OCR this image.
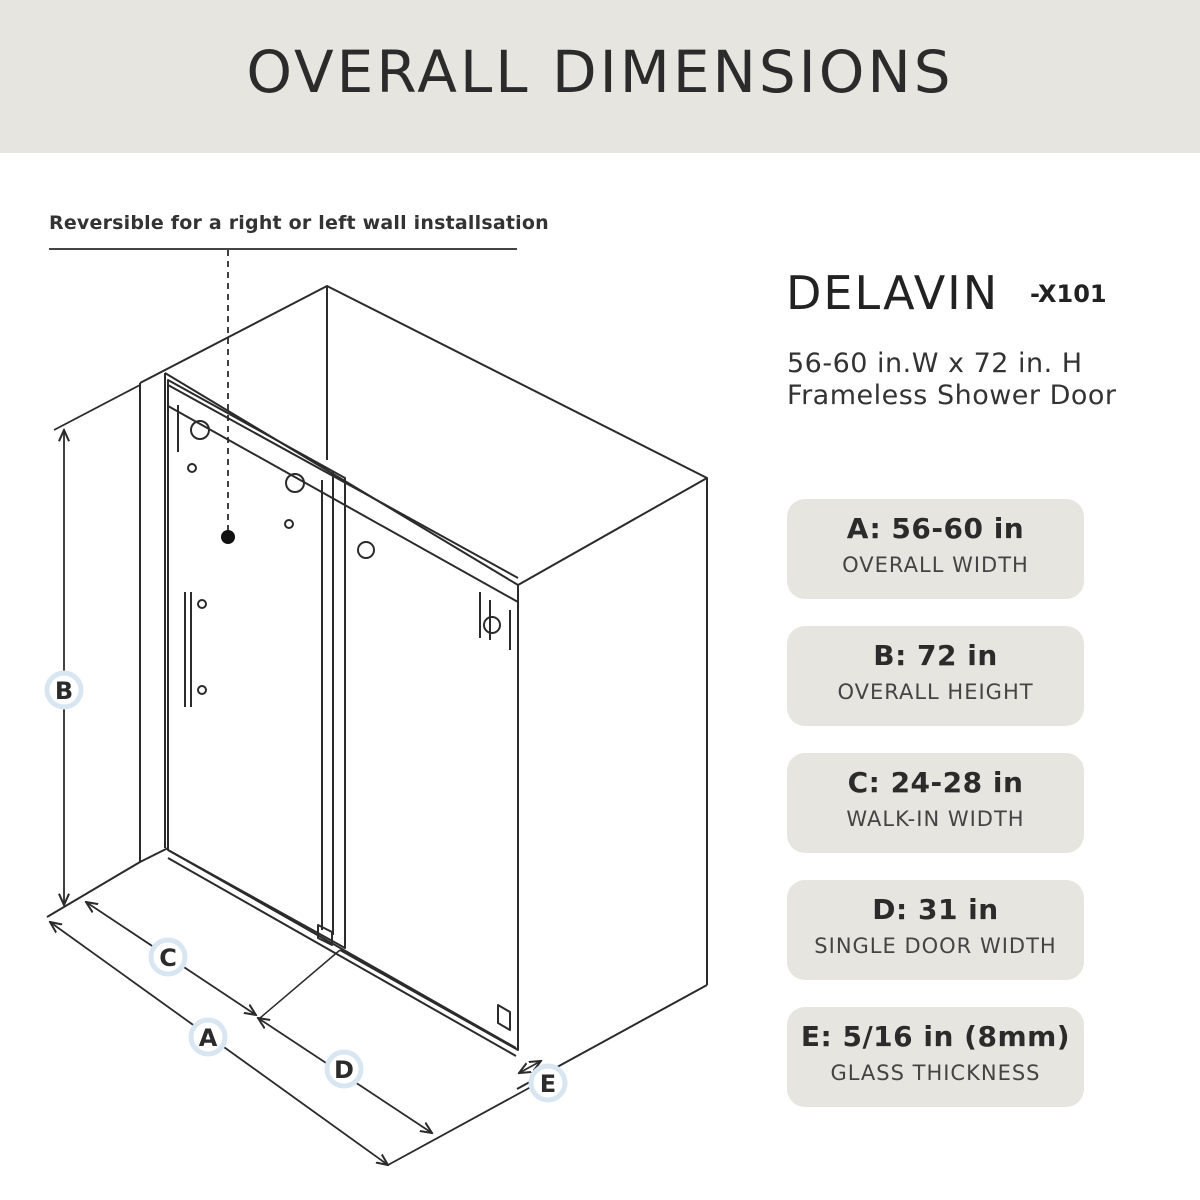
OVERALL DIMENSIONS
Reversible for a right or left wall installsation
DELAVIN -X101
56-60 in.W x 72 in. H
Frameless Shower Door
A: 56-60 in
OVERALL WIDTH
B: 72 in
OVERALL HEIGHT
C: 24-28 in
WALK-IN WIDTH
D: 31 in
SINGLE DOOR WIDTH
E: 5/16 in (8mm)
GLASS THICKNESS
B
C
A
D	E
